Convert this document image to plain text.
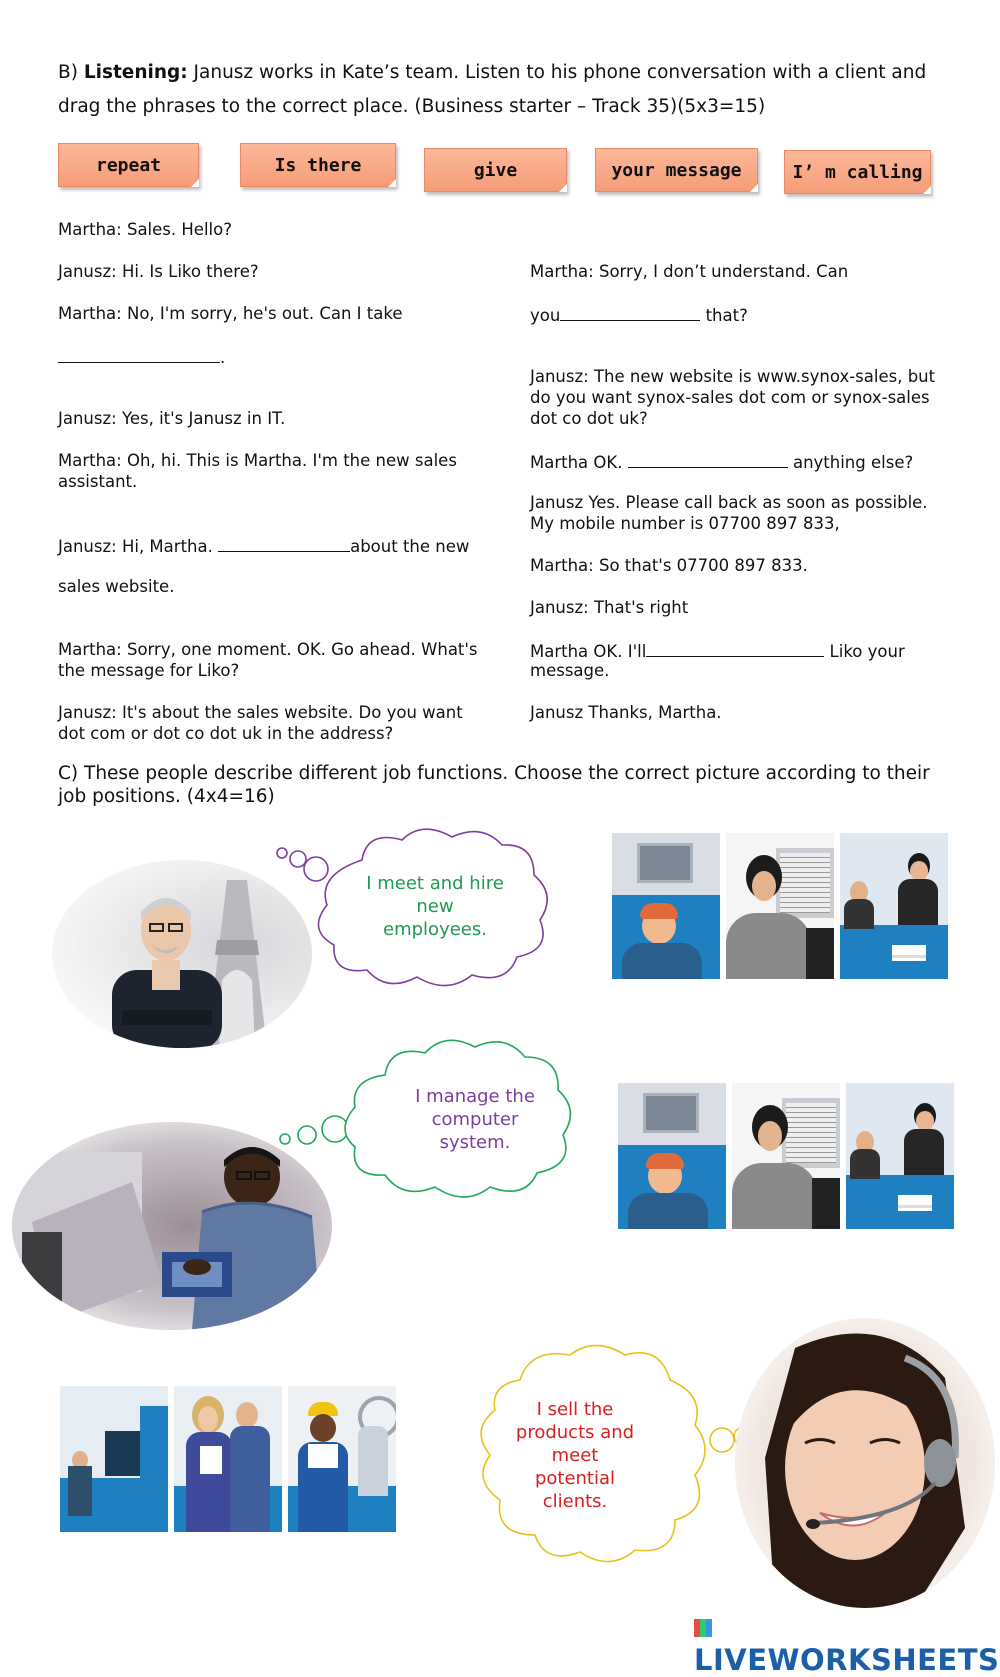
B) Listening: Janusz works in Kate’s team. Listen to his phone conversation with a client and drag the phrases to the correct place. (Business starter – Track 35)(5x3=15)
repeat	Is there	give	your message	I’ m calling
Martha: Sales. Hello?
Janusz: Hi. Is Liko there?
Martha: No, I'm sorry, he's out. Can I take
.
Janusz: Yes, it's Janusz in IT.
Martha: Oh, hi. This is Martha. I'm the new sales
assistant.
Janusz: Hi, Martha.	about the new
sales website.
Martha: Sorry, one moment. OK. Go ahead. What's
the message for Liko?
Janusz: It's about the sales website. Do you want
dot com or dot co dot uk in the address?
Martha: Sorry, I don’t understand. Can
you	that?
Janusz: The new website is www.synox-sales, but
do you want synox-sales dot com or synox-sales
dot co dot uk?
Martha OK.	anything else?
Janusz Yes. Please call back as soon as possible.
My mobile number is 07700 897 833,
Martha: So that's 07700 897 833.
Janusz: That's right
Martha OK. I'll	Liko your
message.
Janusz Thanks, Martha.
C) These people describe different job functions. Choose the correct picture according to their job positions. (4x4=16)
I meet and hire
new
employees.
I manage the
computer
system.
I sell the
products and
meet
potential
clients.
LIVEWORKSHEETS
